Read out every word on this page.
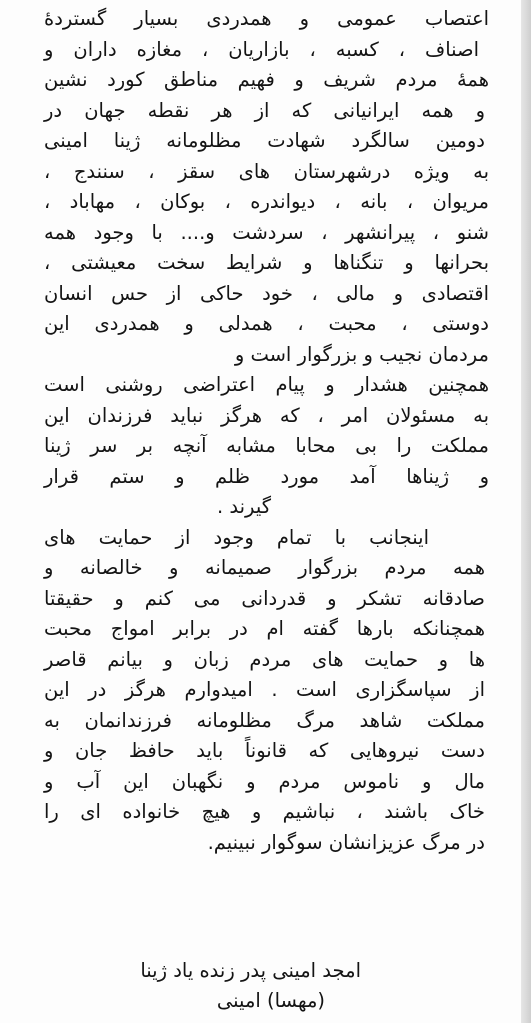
اعتصاب عمومی و همدردی بسیار گستردهٔ
اصناف ، کسبه ، بازاریان ، مغازه داران و
همهٔ مردم شریف و فهیم مناطق کورد نشین
و همه ایرانیانی که از هر نقطه جهان در
دومین سالگرد شهادت مظلومانه ژینا امینی
به ویژه درشهرستان های سقز ، سنندج ،
مریوان ، بانه ، دیواندره ، بوکان ، مهاباد ،
شنو ، پیرانشهر ، سردشت و.... با وجود همه
بحرانها و تنگناها و شرایط سخت معیشتی ،
اقتصادی و مالی ، خود حاکی از حس انسان
دوستی ، محبت ، همدلی و همدردی این
مردمان نجیب و بزرگوار است و
همچنین هشدار و پیام اعتراضی روشنی است
به مسئولان امر ، که هرگز نباید فرزندان این
مملکت را بی محابا مشابه آنچه بر سر ژینا
و ژیناها آمد مورد ظلم و ستم قرار
گیرند .
اینجانب با تمام وجود از حمایت های
همه مردم بزرگوار صمیمانه و خالصانه و
صادقانه تشکر و قدردانی می کنم و حقیقتا
همچنانکه بارها گفته ام در برابر امواج محبت
ها و حمایت های مردم زبان و بیانم قاصر
از سپاسگزاری است . امیدوارم هرگز در این
مملکت شاهد مرگ مظلومانه فرزندانمان به
دست نیروهایی که قانوناً باید حافظ جان و
مال و ناموس مردم و نگهبان این آب و
خاک باشند ، نباشیم و هیچ خانواده ای را
در مرگ عزیزانشان سوگوار نبینیم.
امجد امینی پدر زنده یاد ژینا
(مهسا) امینی
